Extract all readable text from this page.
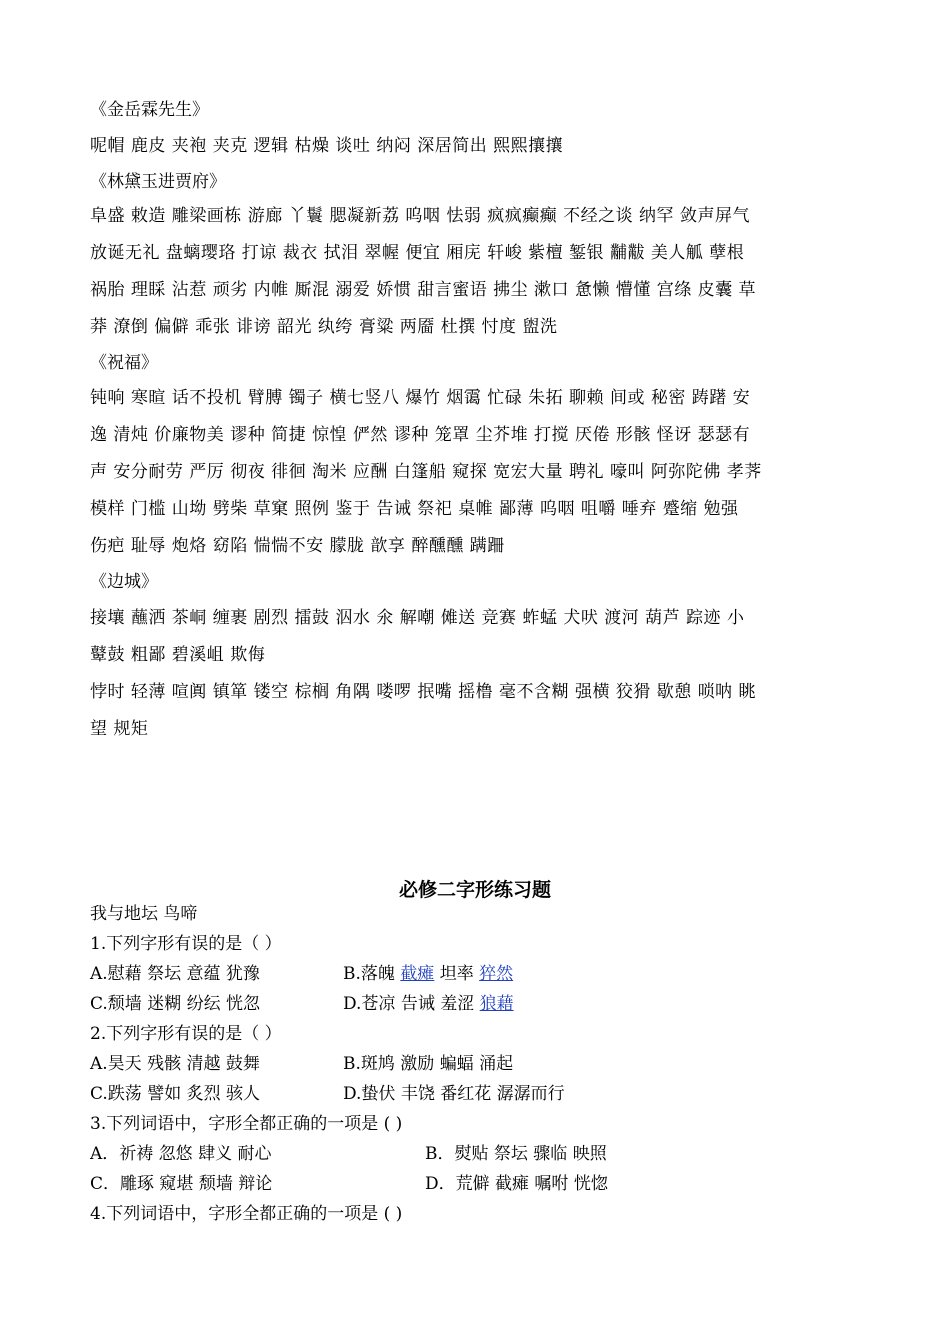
《金岳霖先生》
呢帽 鹿皮 夹袍 夹克 逻辑 枯燥 谈吐 纳闷 深居简出 熙熙攘攘
《林黛玉进贾府》
阜盛 敕造 雕梁画栋 游廊 丫鬟 腮凝新荔 呜咽 怯弱 疯疯癫癫 不经之谈 纳罕 敛声屏气
放诞无礼 盘螭璎珞 打谅 裁衣 拭泪 翠幄 便宜 厢庑 轩峻 紫檀 錾银 黼黻 美人觚 孽根
祸胎 理睬 沾惹 顽劣 内帷 厮混 溺爱 娇惯 甜言蜜语 拂尘 漱口 惫懒 懵懂 宫绦 皮囊 草
莽 潦倒 偏僻 乖张 诽谤 韶光 纨绔 膏粱 两靥 杜撰 忖度 盥洗
《祝福》
钝响 寒暄 话不投机 臂膊 镯子 横七竖八 爆竹 烟霭 忙碌 朱拓 聊赖 间或 秘密 踌躇 安
逸 清炖 价廉物美 谬种 简捷 惊惶 俨然 谬种 笼罩 尘芥堆 打搅 厌倦 形骸 怪讶 瑟瑟有
声 安分耐劳 严厉 彻夜 徘徊 淘米 应酬 白篷船 窥探 宽宏大量 聘礼 嚎叫 阿弥陀佛 孝荠
模样 门槛 山坳 劈柴 草窠 照例 鉴于 告诫 祭祀 桌帷 鄙薄 呜咽 咀嚼 唾弃 蹙缩 勉强
伤疤 耻辱 炮烙 窈陷 惴惴不安 朦胧 歆享 醉醺醺 蹒跚
《边城》
接壤 蘸洒 茶峒 缠裹 剧烈 擂鼓 泅水 氽 解嘲 傩送 竞赛 蚱蜢 犬吠 渡河 葫芦 踪迹 小
鼙鼓 粗鄙 碧溪岨 欺侮
悖时 轻薄 喧阗 镇箪 镂空 棕榈 角隅 喽啰 抿嘴 摇橹 毫不含糊 强横 狡猾 歇憩 唢呐 眺
望 规矩
必修二字形练习题
我与地坛 鸟啼
1.下列字形有误的是（ ）
A.慰藉 祭坛 意蕴 犹豫	B.落魄 截瘫 坦率 猝然
C.颓墙 迷糊 纷纭 恍忽	D.苍凉 告诫 羞涩 狼藉
2.下列字形有误的是（ ）
A.昊天 残骸 清越 鼓舞	B.斑鸠 激励 蝙蝠 涌起
C.跌荡 譬如 炙烈 骇人	D.蛰伏 丰饶 番红花 潺潺而行
3.下列词语中，字形全都正确的一项是 ( )
A．祈祷 忽悠 肆义 耐心	B．熨贴 祭坛 骤临 映照
C．雕琢 窥堪 颓墙 辩论	D．荒僻 截瘫 嘱咐 恍惚
4.下列词语中，字形全都正确的一项是 ( )
